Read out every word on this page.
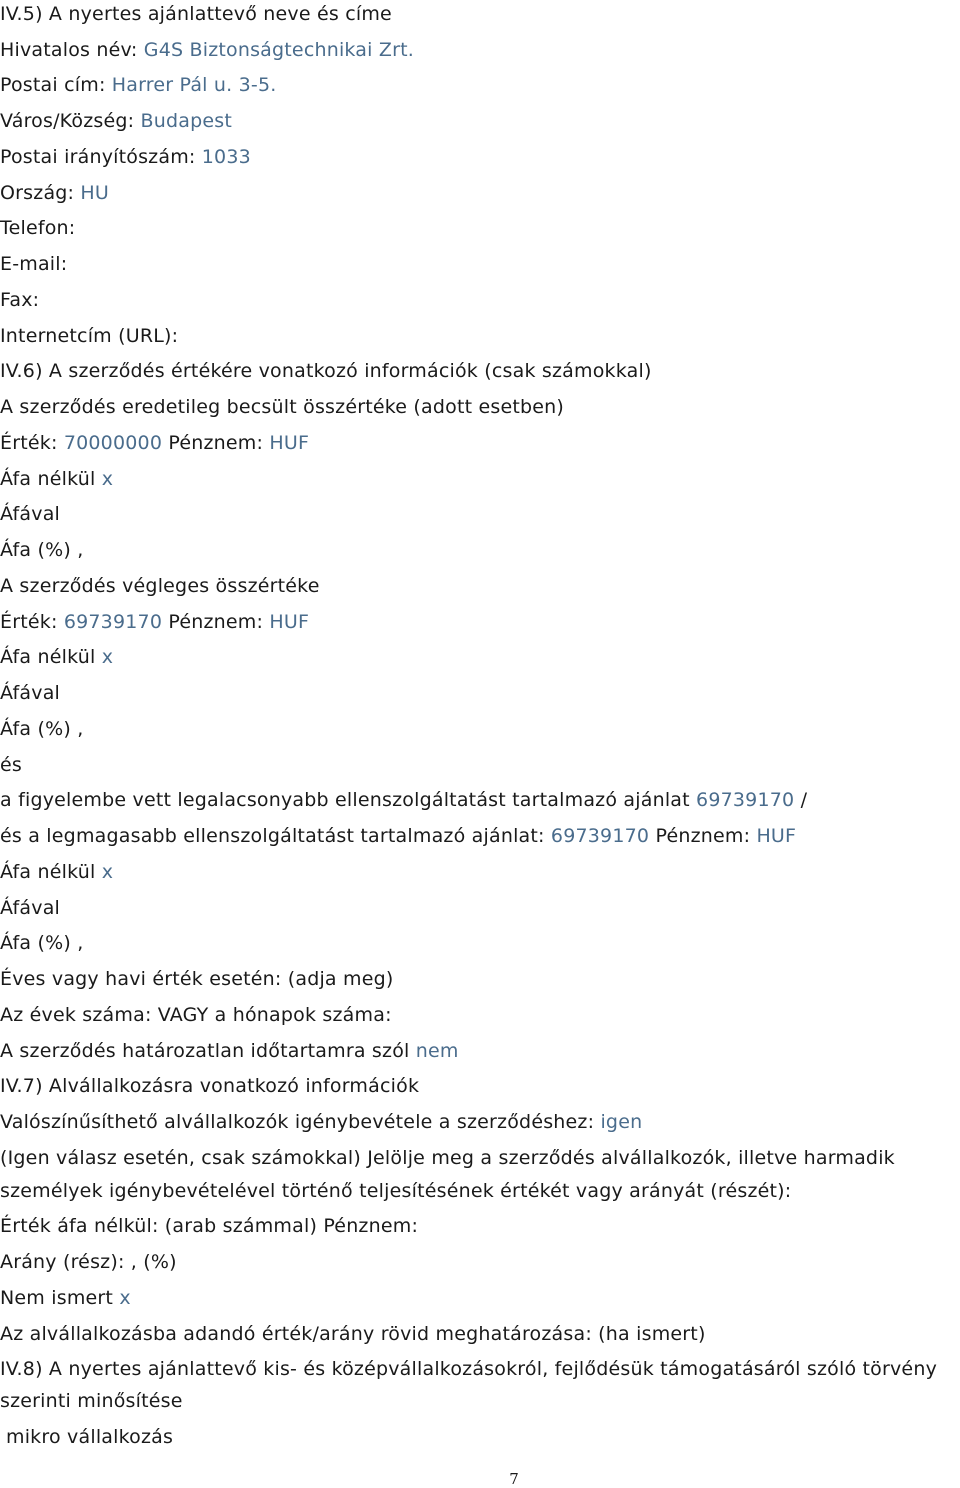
IV.5) A nyertes ajánlattevő neve és címe

Hivatalos név: G4S Biztonságtechnikai Zrt.

Postai cím: Harrer Pál u. 3-5.

Város/Község: Budapest

Postai irányítószám: 1033

Ország: HU

Telefon:

E-mail:

Fax:

Internetcím (URL):

IV.6) A szerződés értékére vonatkozó információk (csak számokkal)

A szerződés eredetileg becsült összértéke (adott esetben)

Érték: 70000000 Pénznem: HUF

Áfa nélkül x

Áfával

Áfa (%) ,

A szerződés végleges összértéke

Érték: 69739170 Pénznem: HUF

Áfa nélkül x

Áfával

Áfa (%) ,

és

a figyelembe vett legalacsonyabb ellenszolgáltatást tartalmazó ajánlat 69739170 /

és a legmagasabb ellenszolgáltatást tartalmazó ajánlat: 69739170 Pénznem: HUF

Áfa nélkül x

Áfával

Áfa (%) ,

Éves vagy havi érték esetén: (adja meg)

Az évek száma: VAGY a hónapok száma:

A szerződés határozatlan időtartamra szól nem

IV.7) Alvállalkozásra vonatkozó információk

Valószínűsíthető alvállalkozók igénybevétele a szerződéshez: igen

(Igen válasz esetén, csak számokkal) Jelölje meg a szerződés alvállalkozók, illetve harmadik

személyek igénybevételével történő teljesítésének értékét vagy arányát (részét):

Érték áfa nélkül: (arab számmal) Pénznem:

Arány (rész): , (%)

Nem ismert x

Az alvállalkozásba adandó érték/arány rövid meghatározása: (ha ismert)

IV.8) A nyertes ajánlattevő kis- és középvállalkozásokról, fejlődésük támogatásáról szóló törvény

szerinti minősítése

mikro vállalkozás

7
